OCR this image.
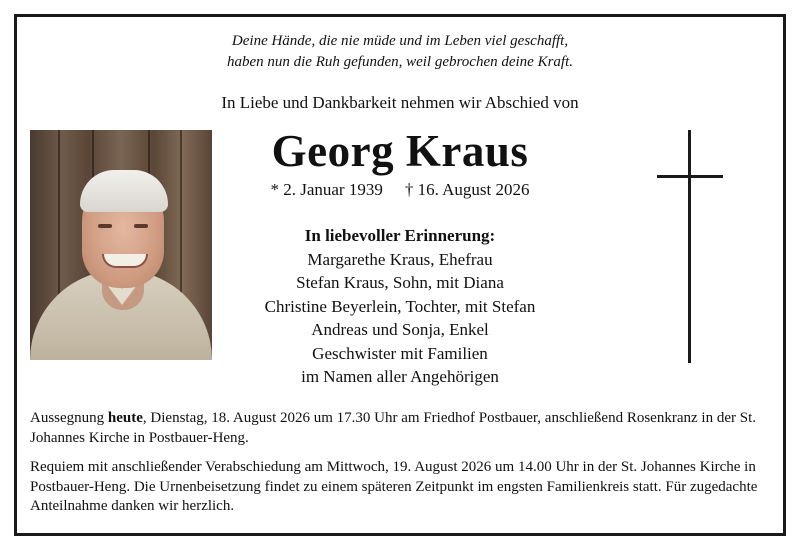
Deine Hände, die nie müde und im Leben viel geschafft,
haben nun die Ruh gefunden, weil gebrochen deine Kraft.
In Liebe und Dankbarkeit nehmen wir Abschied von
Georg Kraus
* 2. Januar 1939 † 16. August 2026
In liebevoller Erinnerung:
Margarethe Kraus, Ehefrau
Stefan Kraus, Sohn, mit Diana
Christine Beyerlein, Tochter, mit Stefan
Andreas und Sonja, Enkel
Geschwister mit Familien
im Namen aller Angehörigen
Aussegnung heute, Dienstag, 18. August 2026 um 17.30 Uhr am Friedhof Postbauer, anschließend Rosenkranz in der St. Johannes Kirche in Postbauer-Heng.
Requiem mit anschließender Verabschiedung am Mittwoch, 19. August 2026 um 14.00 Uhr in der St. Johannes Kirche in Postbauer-Heng. Die Urnenbeisetzung findet zu einem späteren Zeitpunkt im engsten Familienkreis statt. Für zugedachte Anteilnahme danken wir herzlich.
